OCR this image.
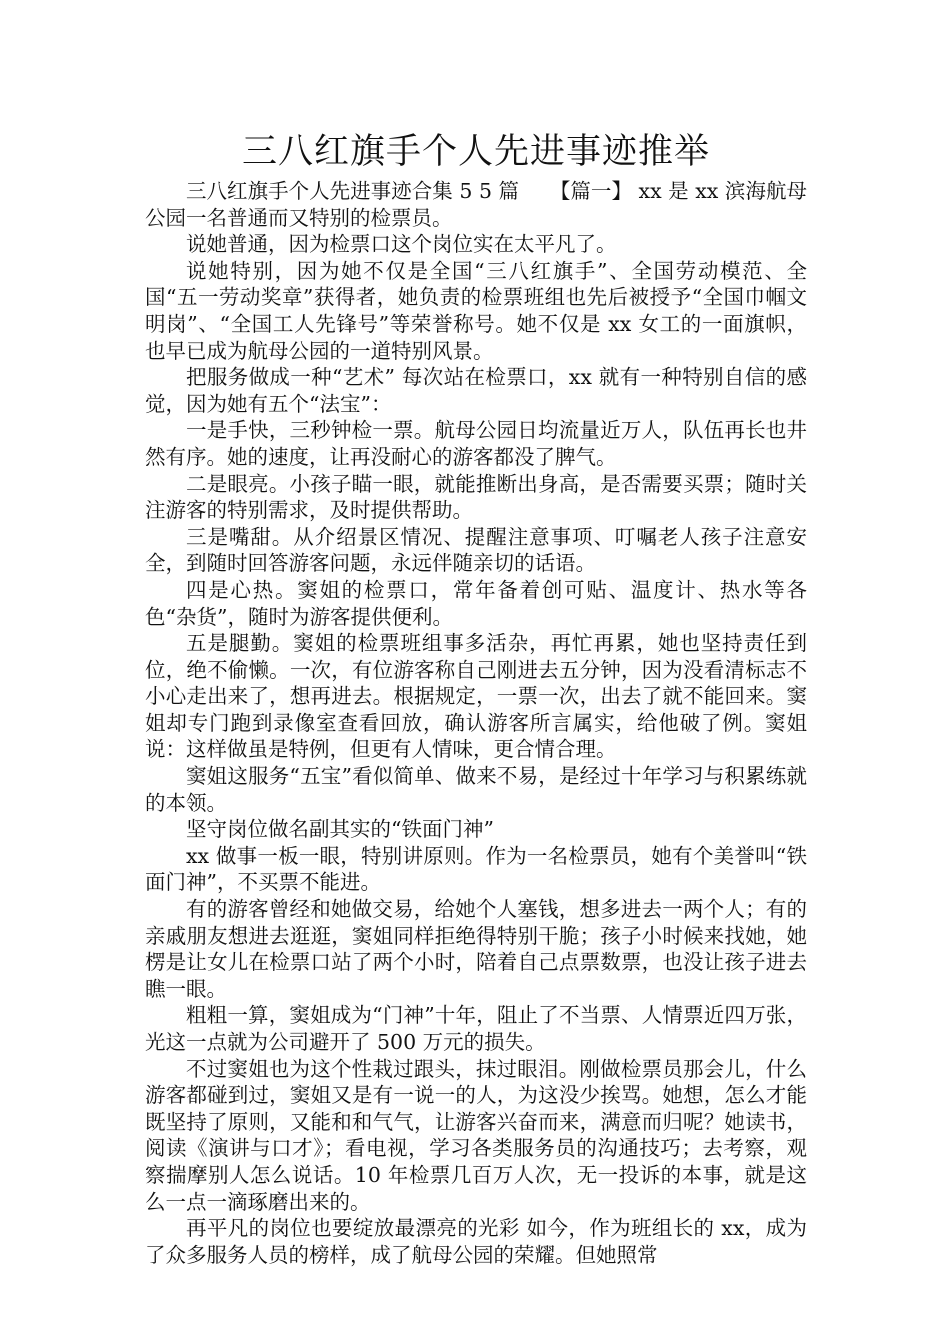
三八红旗手个人先进事迹推举

三八红旗手个人先进事迹合集 5 5 篇　　【篇一】 xx 是 xx 滨海航母公园一名普通而又特别的检票员。

说她普通，因为检票口这个岗位实在太平凡了。

说她特别，因为她不仅是全国“三八红旗手”、全国劳动模范、全国“五一劳动奖章”获得者，她负责的检票班组也先后被授予“全国巾帼文明岗”、“全国工人先锋号”等荣誉称号。她不仅是 xx 女工的一面旗帜，也早已成为航母公园的一道特别风景。

把服务做成一种“艺术” 每次站在检票口，xx 就有一种特别自信的感觉，因为她有五个“法宝”：

一是手快，三秒钟检一票。航母公园日均流量近万人，队伍再长也井然有序。她的速度，让再没耐心的游客都没了脾气。

二是眼亮。小孩子瞄一眼，就能推断出身高，是否需要买票；随时关注游客的特别需求，及时提供帮助。

三是嘴甜。从介绍景区情况、提醒注意事项、叮嘱老人孩子注意安全，到随时回答游客问题，永远伴随亲切的话语。

四是心热。窦姐的检票口，常年备着创可贴、温度计、热水等各色“杂货”，随时为游客提供便利。

五是腿勤。窦姐的检票班组事多活杂，再忙再累，她也坚持责任到位，绝不偷懒。一次，有位游客称自己刚进去五分钟，因为没看清标志不小心走出来了，想再进去。根据规定，一票一次，出去了就不能回来。窦姐却专门跑到录像室查看回放，确认游客所言属实，给他破了例。窦姐说：这样做虽是特例，但更有人情味，更合情合理。

窦姐这服务“五宝”看似简单、做来不易，是经过十年学习与积累练就的本领。

坚守岗位做名副其实的“铁面门神”

xx 做事一板一眼，特别讲原则。作为一名检票员，她有个美誉叫“铁面门神”，不买票不能进。

有的游客曾经和她做交易，给她个人塞钱，想多进去一两个人；有的亲戚朋友想进去逛逛，窦姐同样拒绝得特别干脆；孩子小时候来找她，她楞是让女儿在检票口站了两个小时，陪着自己点票数票，也没让孩子进去瞧一眼。

粗粗一算，窦姐成为“门神”十年，阻止了不当票、人情票近四万张，光这一点就为公司避开了 500 万元的损失。

不过窦姐也为这个性栽过跟头，抹过眼泪。刚做检票员那会儿，什么游客都碰到过，窦姐又是有一说一的人，为这没少挨骂。她想，怎么才能既坚持了原则，又能和和气气，让游客兴奋而来，满意而归呢？她读书，阅读《演讲与口才》；看电视，学习各类服务员的沟通技巧；去考察，观察揣摩别人怎么说话。10 年检票几百万人次，无一投诉的本事，就是这么一点一滴琢磨出来的。

再平凡的岗位也要绽放最漂亮的光彩 如今，作为班组长的 xx，成为了众多服务人员的榜样，成了航母公园的荣耀。但她照常
